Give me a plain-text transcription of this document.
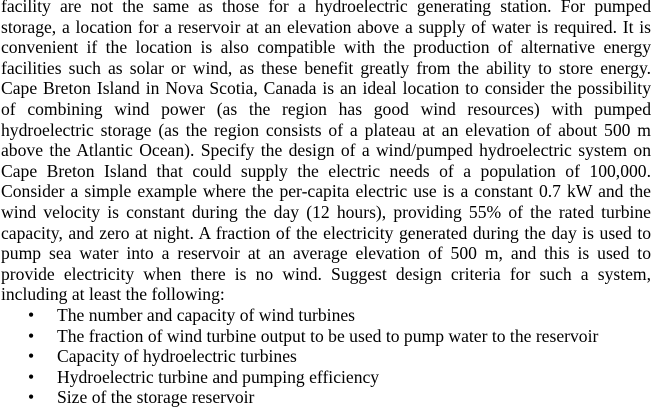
facility are not the same as those for a hydroelectric generating station. For pumped
storage, a location for a reservoir at an elevation above a supply of water is required. It is
convenient if the location is also compatible with the production of alternative energy
facilities such as solar or wind, as these benefit greatly from the ability to store energy.
Cape Breton Island in Nova Scotia, Canada is an ideal location to consider the possibility
of combining wind power (as the region has good wind resources) with pumped
hydroelectric storage (as the region consists of a plateau at an elevation of about 500 m
above the Atlantic Ocean). Specify the design of a wind/pumped hydroelectric system on
Cape Breton Island that could supply the electric needs of a population of 100,000.
Consider a simple example where the per-capita electric use is a constant 0.7 kW and the
wind velocity is constant during the day (12 hours), providing 55% of the rated turbine
capacity, and zero at night. A fraction of the electricity generated during the day is used to
pump sea water into a reservoir at an average elevation of 500 m, and this is used to
provide electricity when there is no wind. Suggest design criteria for such a system,
including at least the following:
•	The number and capacity of wind turbines
•	The fraction of wind turbine output to be used to pump water to the reservoir
•	Capacity of hydroelectric turbines
•	Hydroelectric turbine and pumping efficiency
•	Size of the storage reservoir
